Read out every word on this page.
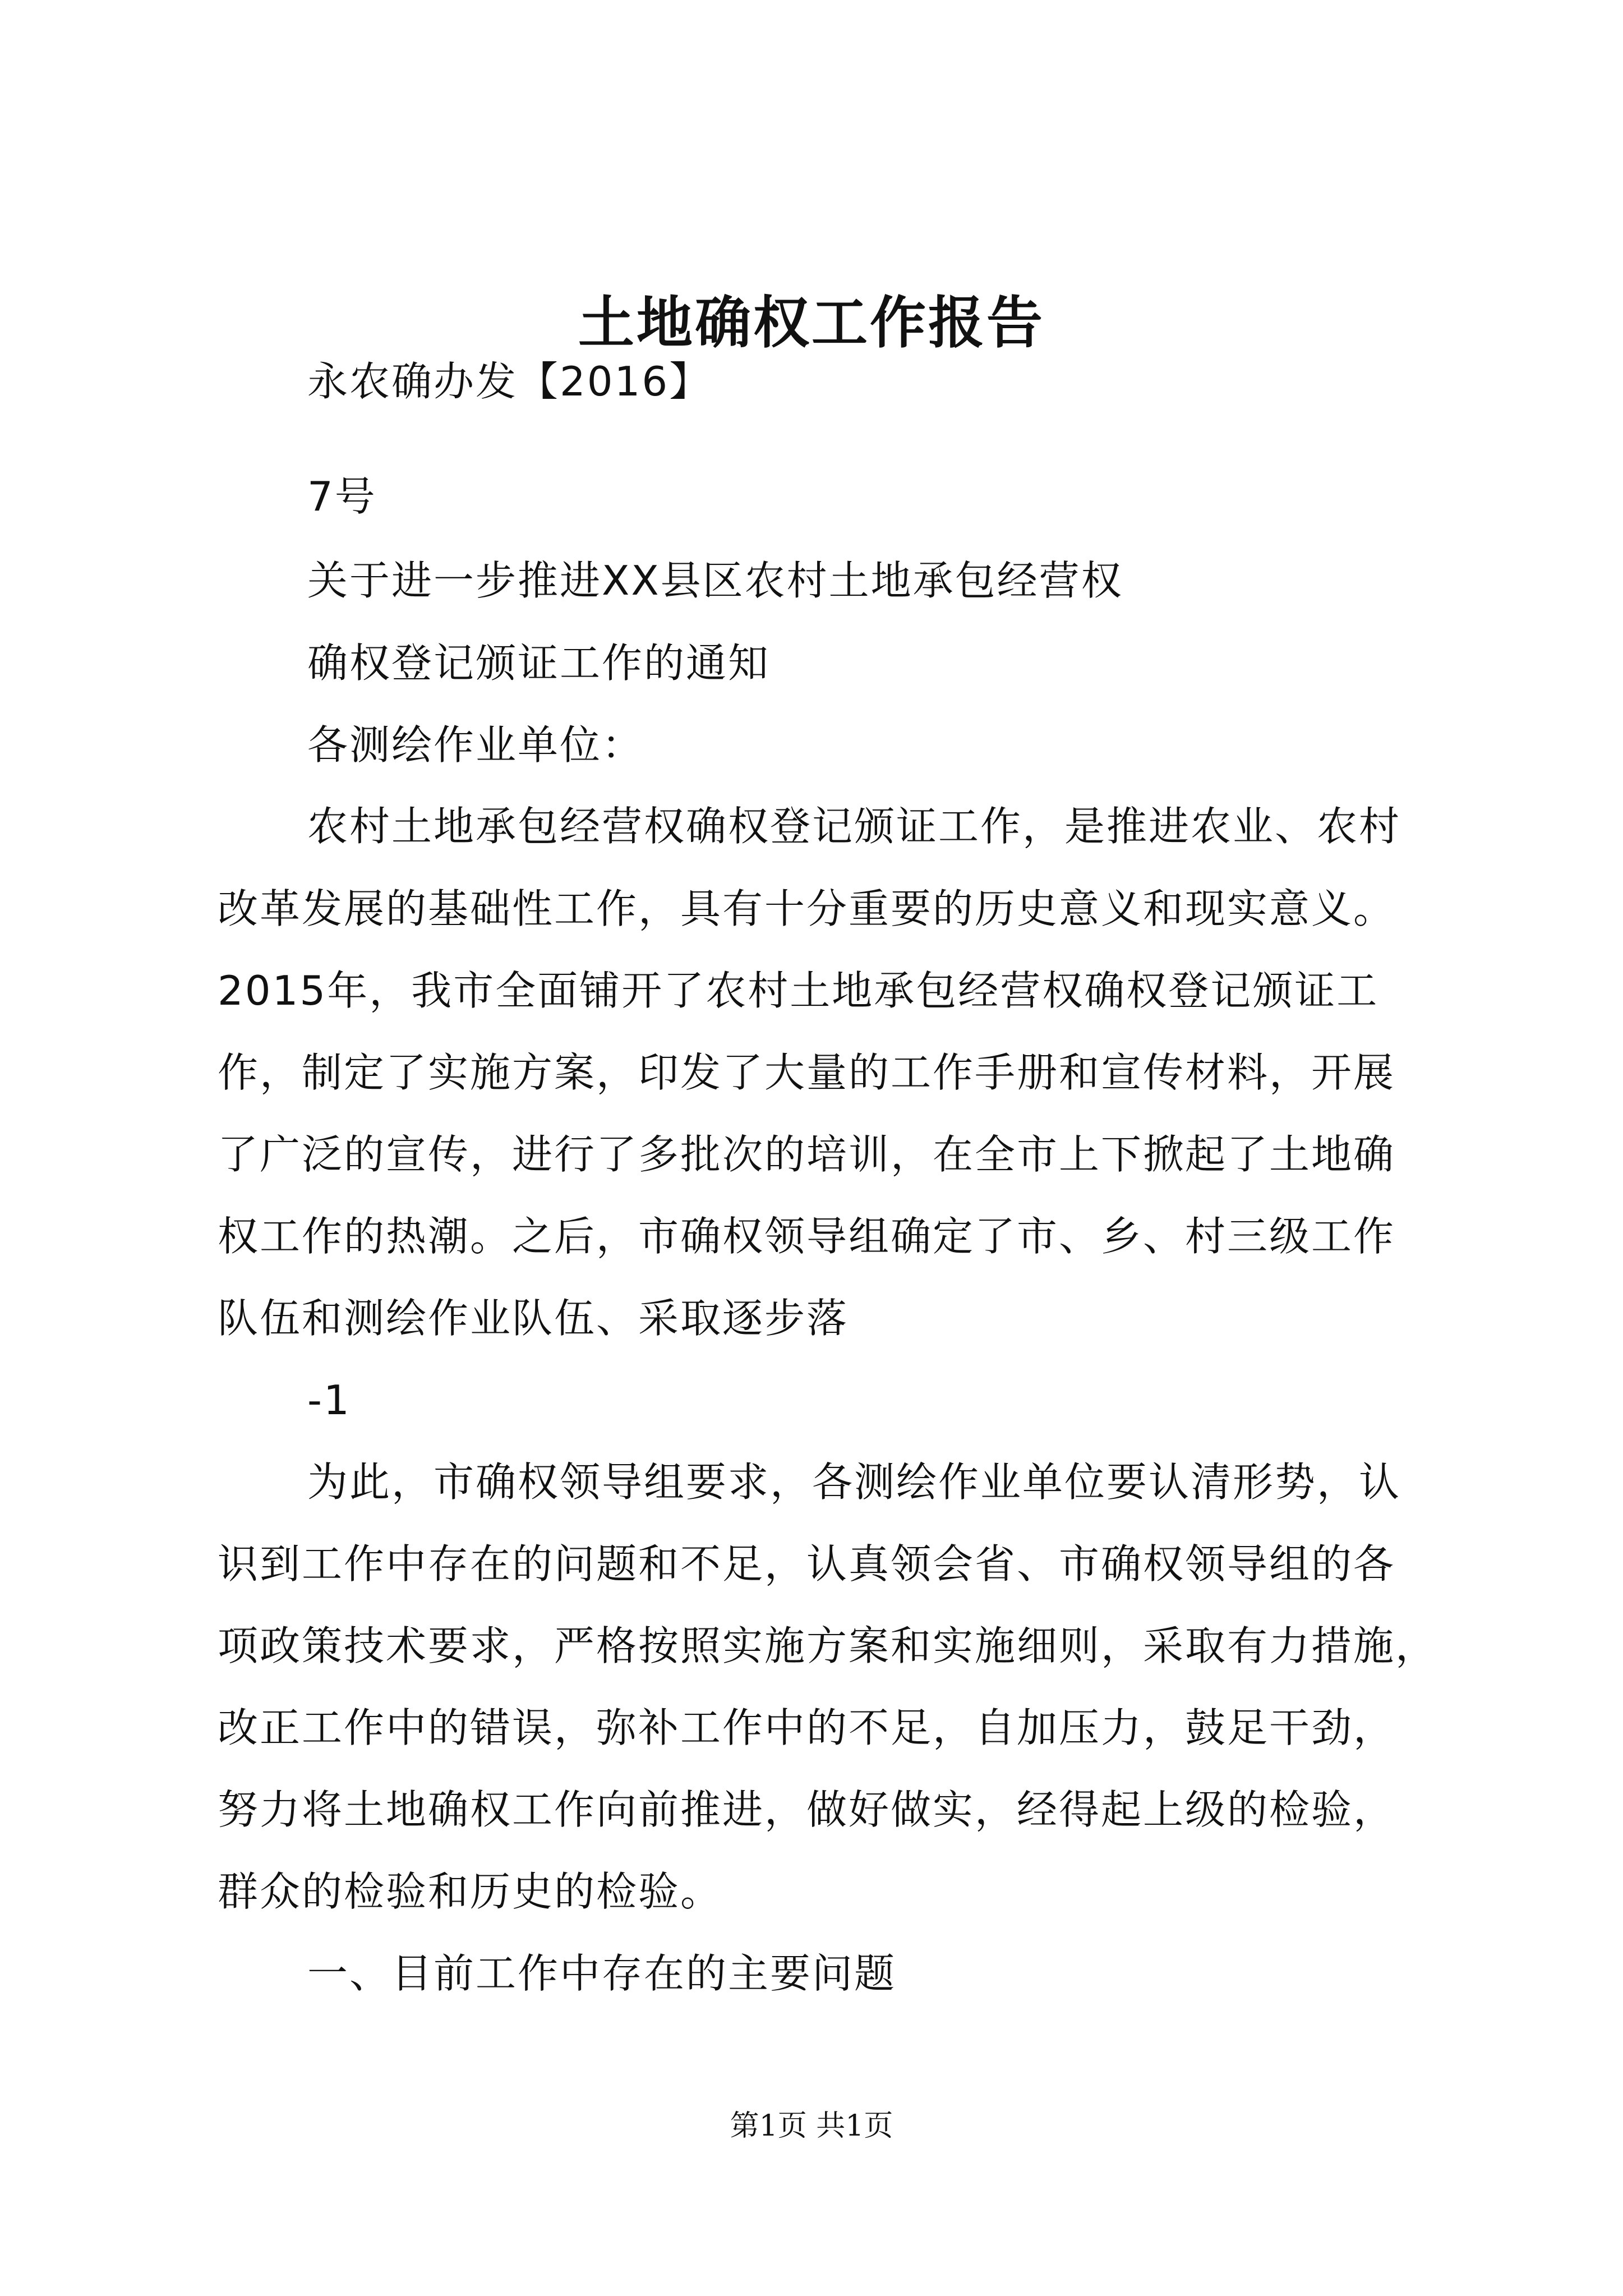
土地确权工作报告
永农确办发【2016】
7号
关于进一步推进XX县区农村土地承包经营权
确权登记颁证工作的通知
各测绘作业单位：
农村土地承包经营权确权登记颁证工作，是推进农业、农村
改革发展的基础性工作，具有十分重要的历史意义和现实意义。
2015年，我市全面铺开了农村土地承包经营权确权登记颁证工
作，制定了实施方案，印发了大量的工作手册和宣传材料，开展
了广泛的宣传，进行了多批次的培训，在全市上下掀起了土地确
权工作的热潮。之后，市确权领导组确定了市、乡、村三级工作
队伍和测绘作业队伍、采取逐步落
-1
为此，市确权领导组要求，各测绘作业单位要认清形势，认
识到工作中存在的问题和不足，认真领会省、市确权领导组的各
项政策技术要求，严格按照实施方案和实施细则，采取有力措施，
改正工作中的错误，弥补工作中的不足，自加压力，鼓足干劲，
努力将土地确权工作向前推进，做好做实，经得起上级的检验，
群众的检验和历史的检验。
一、目前工作中存在的主要问题
第1页 共1页
